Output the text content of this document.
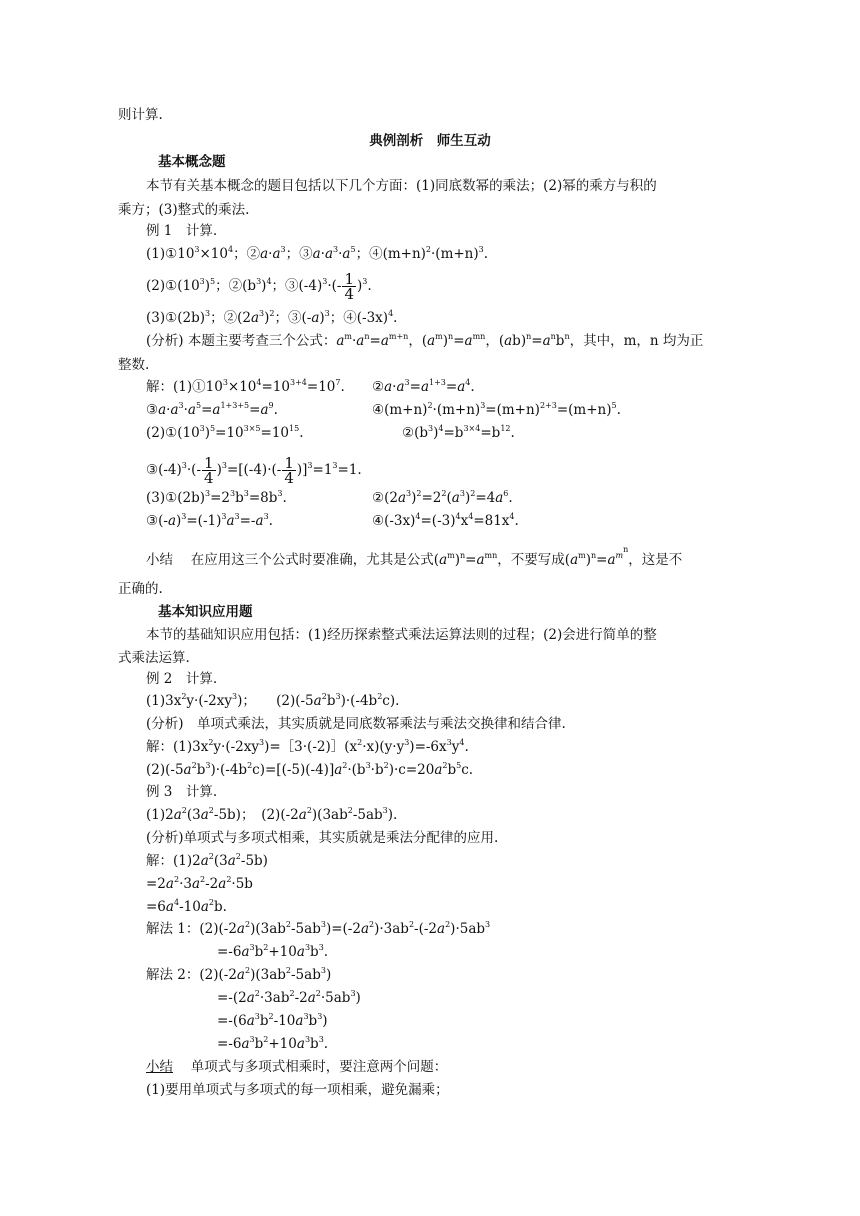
则计算.
典例剖析　师生互动
基本概念题
本节有关基本概念的题目包括以下几个方面：(1)同底数幂的乘法；(2)幂的乘方与积的
乘方；(3)整式的乘法.
例 1　计算.
$(1)①10^3\times 10^4$；$②a\cdot a^3$；$③a\cdot a^3\cdot a^5$；$④(m+n)^2\cdot(m+n)^3$.
$(2)①(10^3)^5$；$②(b^3)^4$；$③(-4)^3\cdot(- \frac{1}{4} )^3$.
$(3)①(2b)^3$；$②(2a^3)^2$；$③(-a)^3$；$④(-3x)^4$.
(分析) 本题主要考查三个公式：$a^m\cdot a^n=a^{m+n}$，$(a^m)^n=a^{mn}$，$(ab)^n=a^nb^n$，其中，m，n 均为正
整数.
解：$(1)①10^3\times 10^4=10^{3+4}=10^7$. $②a\cdot a^3=a^{1+3}=a^4$.
$③a\cdot a^3\cdot a^5=a^{1+3+5}=a^9$.	$④(m+n)^2\cdot(m+n)^3=(m+n)^{2+3}=(m+n)^5$.
$(2)①(10^3)^5=10^{3\times 5}=10^{15}$.	$②(b^3)^4=b^{3\times 4}=b^{12}$.
$③(-4)^3\cdot(- \frac{1}{4} )^3=[(-4)\cdot(- \frac{1}{4} )]^3=1^3=1$.
$(3)①(2b)^3=2^3b^3=8b^3$.	$②(2a^3)^2=2^2(a^3)^2=4a^6$.
$③(-a)^3=(-1)^3a^3=-a^3$.	$④(-3x)^4=(-3)^4x^4=81x^4$.
小结　 在应用这三个公式时要准确，尤其是公式$(a^m)^n=a^{mn}$，不要写成$(a^m)^n=a^{m^n}$，这是不
正确的.
基本知识应用题
本节的基础知识应用包括：(1)经历探索整式乘法运算法则的过程；(2)会进行简单的整
式乘法运算.
例 2　计算.
$(1)3x^2y\cdot(-2xy^3)$；　　$(2)(-5a^2b^3)\cdot(-4b^2c)$.
(分析)　单项式乘法，其实质就是同底数幂乘法与乘法交换律和结合律.
解：$(1)3x^2y\cdot(-2xy^3)=[3\cdot(-2)](x^2\cdot x)(y\cdot y^3)=-6x^3y^4$.
$(2)(-5a^2b^3)\cdot(-4b^2c)=[(-5)(-4)]a^2\cdot(b^3\cdot b^2)\cdot c=20a^2b^5c$.
例 3　计算.
$(1)2a^2(3a^2-5b)$；　$(2)(-2a^2)(3ab^2-5ab^3)$.
(分析)单项式与多项式相乘，其实质就是乘法分配律的应用.
解：$(1)2a^2(3a^2-5b)$
$=2a^2\cdot 3a^2-2a^2\cdot 5b$
$=6a^4-10a^2b$.
解法 1：$(2)(-2a^2)(3ab^2-5ab^3)=(-2a^2)\cdot 3ab^2-(-2a^2)\cdot 5ab^3$
$=-6a^3b^2+10a^3b^3$.
解法 2：$(2)(-2a^2)(3ab^2-5ab^3)$
$=-(2a^2\cdot 3ab^2-2a^2\cdot 5ab^3)$
$=-(6a^3b^2-10a^3b^3)$
$=-6a^3b^2+10a^3b^3$.
小结　 单项式与多项式相乘时，要注意两个问题：
(1)要用单项式与多项式的每一项相乘，避免漏乘；
